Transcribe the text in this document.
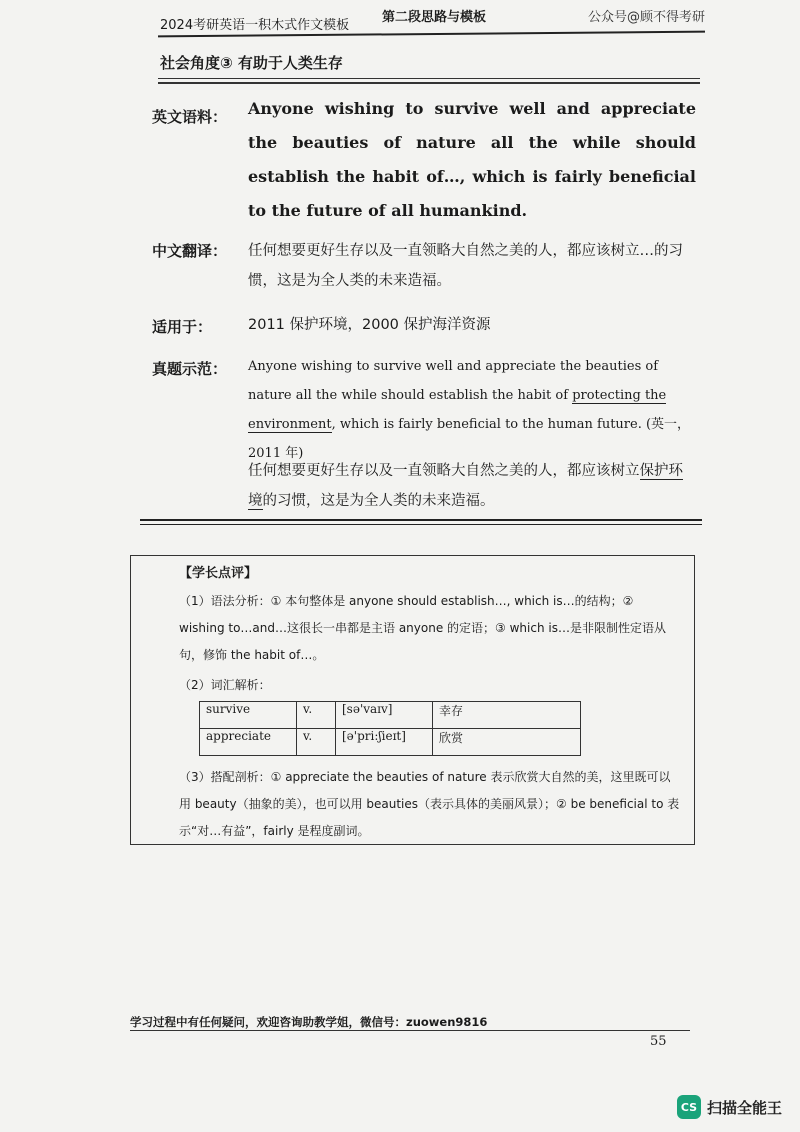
2024考研英语一积木式作文模板
第二段思路与模板	公众号@顾不得考研
社会角度③ 有助于人类生存
英文语料： Anyone wishing to survive well and appreciate the beauties of nature all the while should establish the habit of…, which is fairly beneficial to the future of all humankind.
中文翻译： 任何想要更好生存以及一直领略大自然之美的人，都应该树立…的习惯，这是为全人类的未来造福。
适用于： 2011 保护环境，2000 保护海洋资源
真题示范： Anyone wishing to survive well and appreciate the beauties of nature all the while should establish the habit of protecting the environment, which is fairly beneficial to the human future. (英一，2011 年)
任何想要更好生存以及一直领略大自然之美的人，都应该树立保护环境的习惯，这是为全人类的未来造福。
【学长点评】
（1）语法分析：① 本句整体是 anyone should establish…, which is…的结构；② wishing to…and…这很长一串都是主语 anyone 的定语；③ which is…是非限制性定语从句，修饰 the habit of…。
（2）词汇解析：
survive	v.	[sə'vaɪv]	幸存
appreciate	v.	[ə'pri:ʃieɪt]	欣赏
（3）搭配剖析：① appreciate the beauties of nature 表示欣赏大自然的美，这里既可以用 beauty（抽象的美），也可以用 beauties（表示具体的美丽风景）；② be beneficial to 表示“对…有益”，fairly 是程度副词。
学习过程中有任何疑问，欢迎咨询助教学姐，微信号：zuowen9816
55
CS 扫描全能王
